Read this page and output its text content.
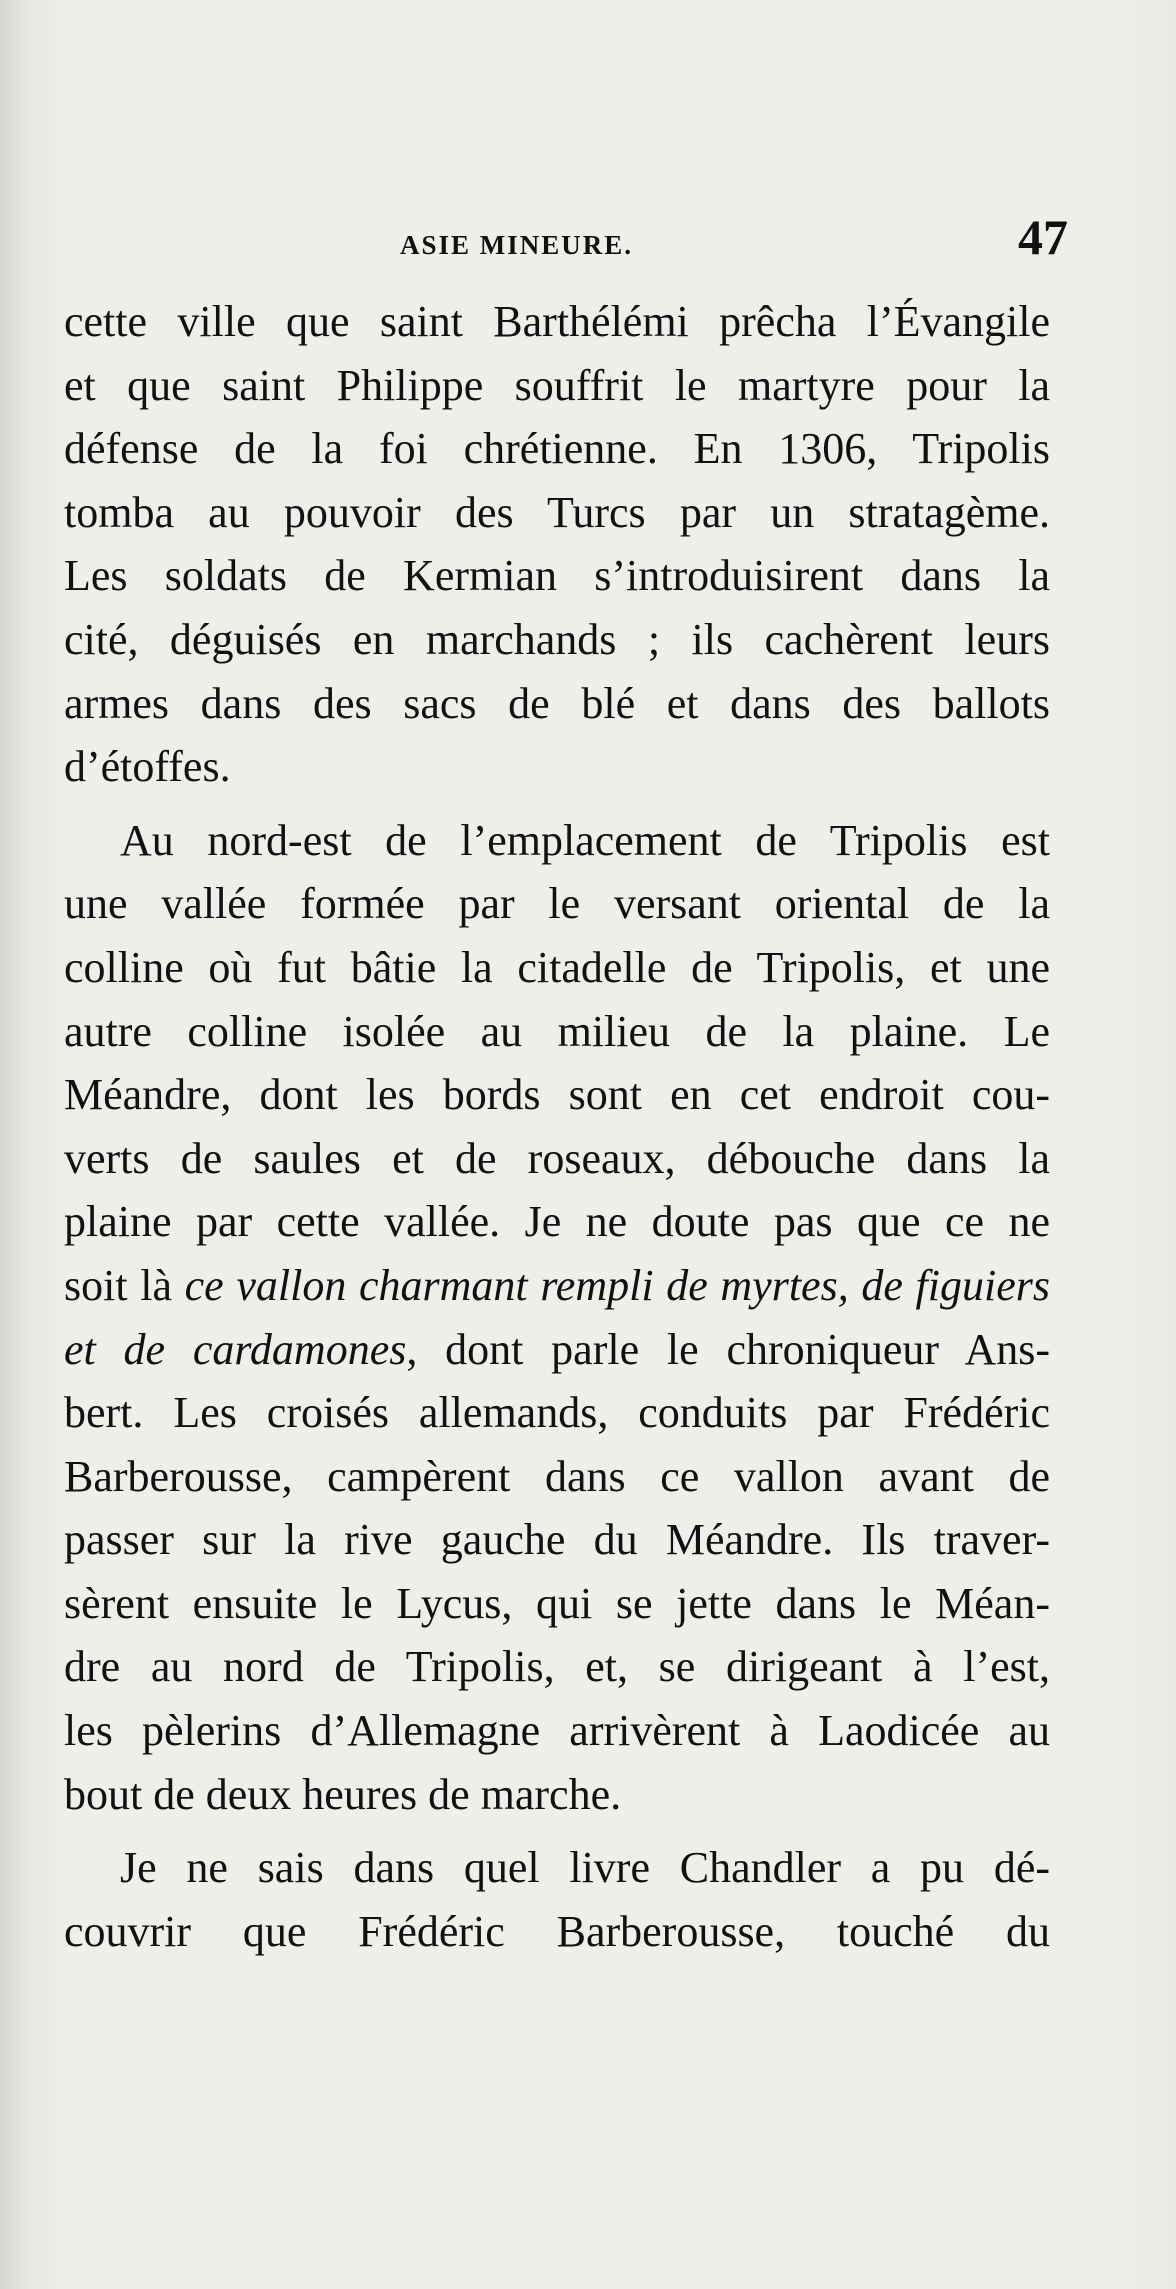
ASIE MINEURE.	47
cette ville que saint Barthélémi prêcha l’Évangile
et que saint Philippe souffrit le martyre pour la
défense de la foi chrétienne. En 1306, Tripolis
tomba au pouvoir des Turcs par un stratagème.
Les soldats de Kermian s’introduisirent dans la
cité, déguisés en marchands ; ils cachèrent leurs
armes dans des sacs de blé et dans des ballots
d’étoffes.
Au nord-est de l’emplacement de Tripolis est
une vallée formée par le versant oriental de la
colline où fut bâtie la citadelle de Tripolis, et une
autre colline isolée au milieu de la plaine. Le
Méandre, dont les bords sont en cet endroit cou-
verts de saules et de roseaux, débouche dans la
plaine par cette vallée. Je ne doute pas que ce ne
soit là ce vallon charmant rempli de myrtes, de figuiers
et de cardamones, dont parle le chroniqueur Ans-
bert. Les croisés allemands, conduits par Frédéric
Barberousse, campèrent dans ce vallon avant de
passer sur la rive gauche du Méandre. Ils traver-
sèrent ensuite le Lycus, qui se jette dans le Méan-
dre au nord de Tripolis, et, se dirigeant à l’est,
les pèlerins d’Allemagne arrivèrent à Laodicée au
bout de deux heures de marche.
Je ne sais dans quel livre Chandler a pu dé-
couvrir que Frédéric Barberousse, touché du
